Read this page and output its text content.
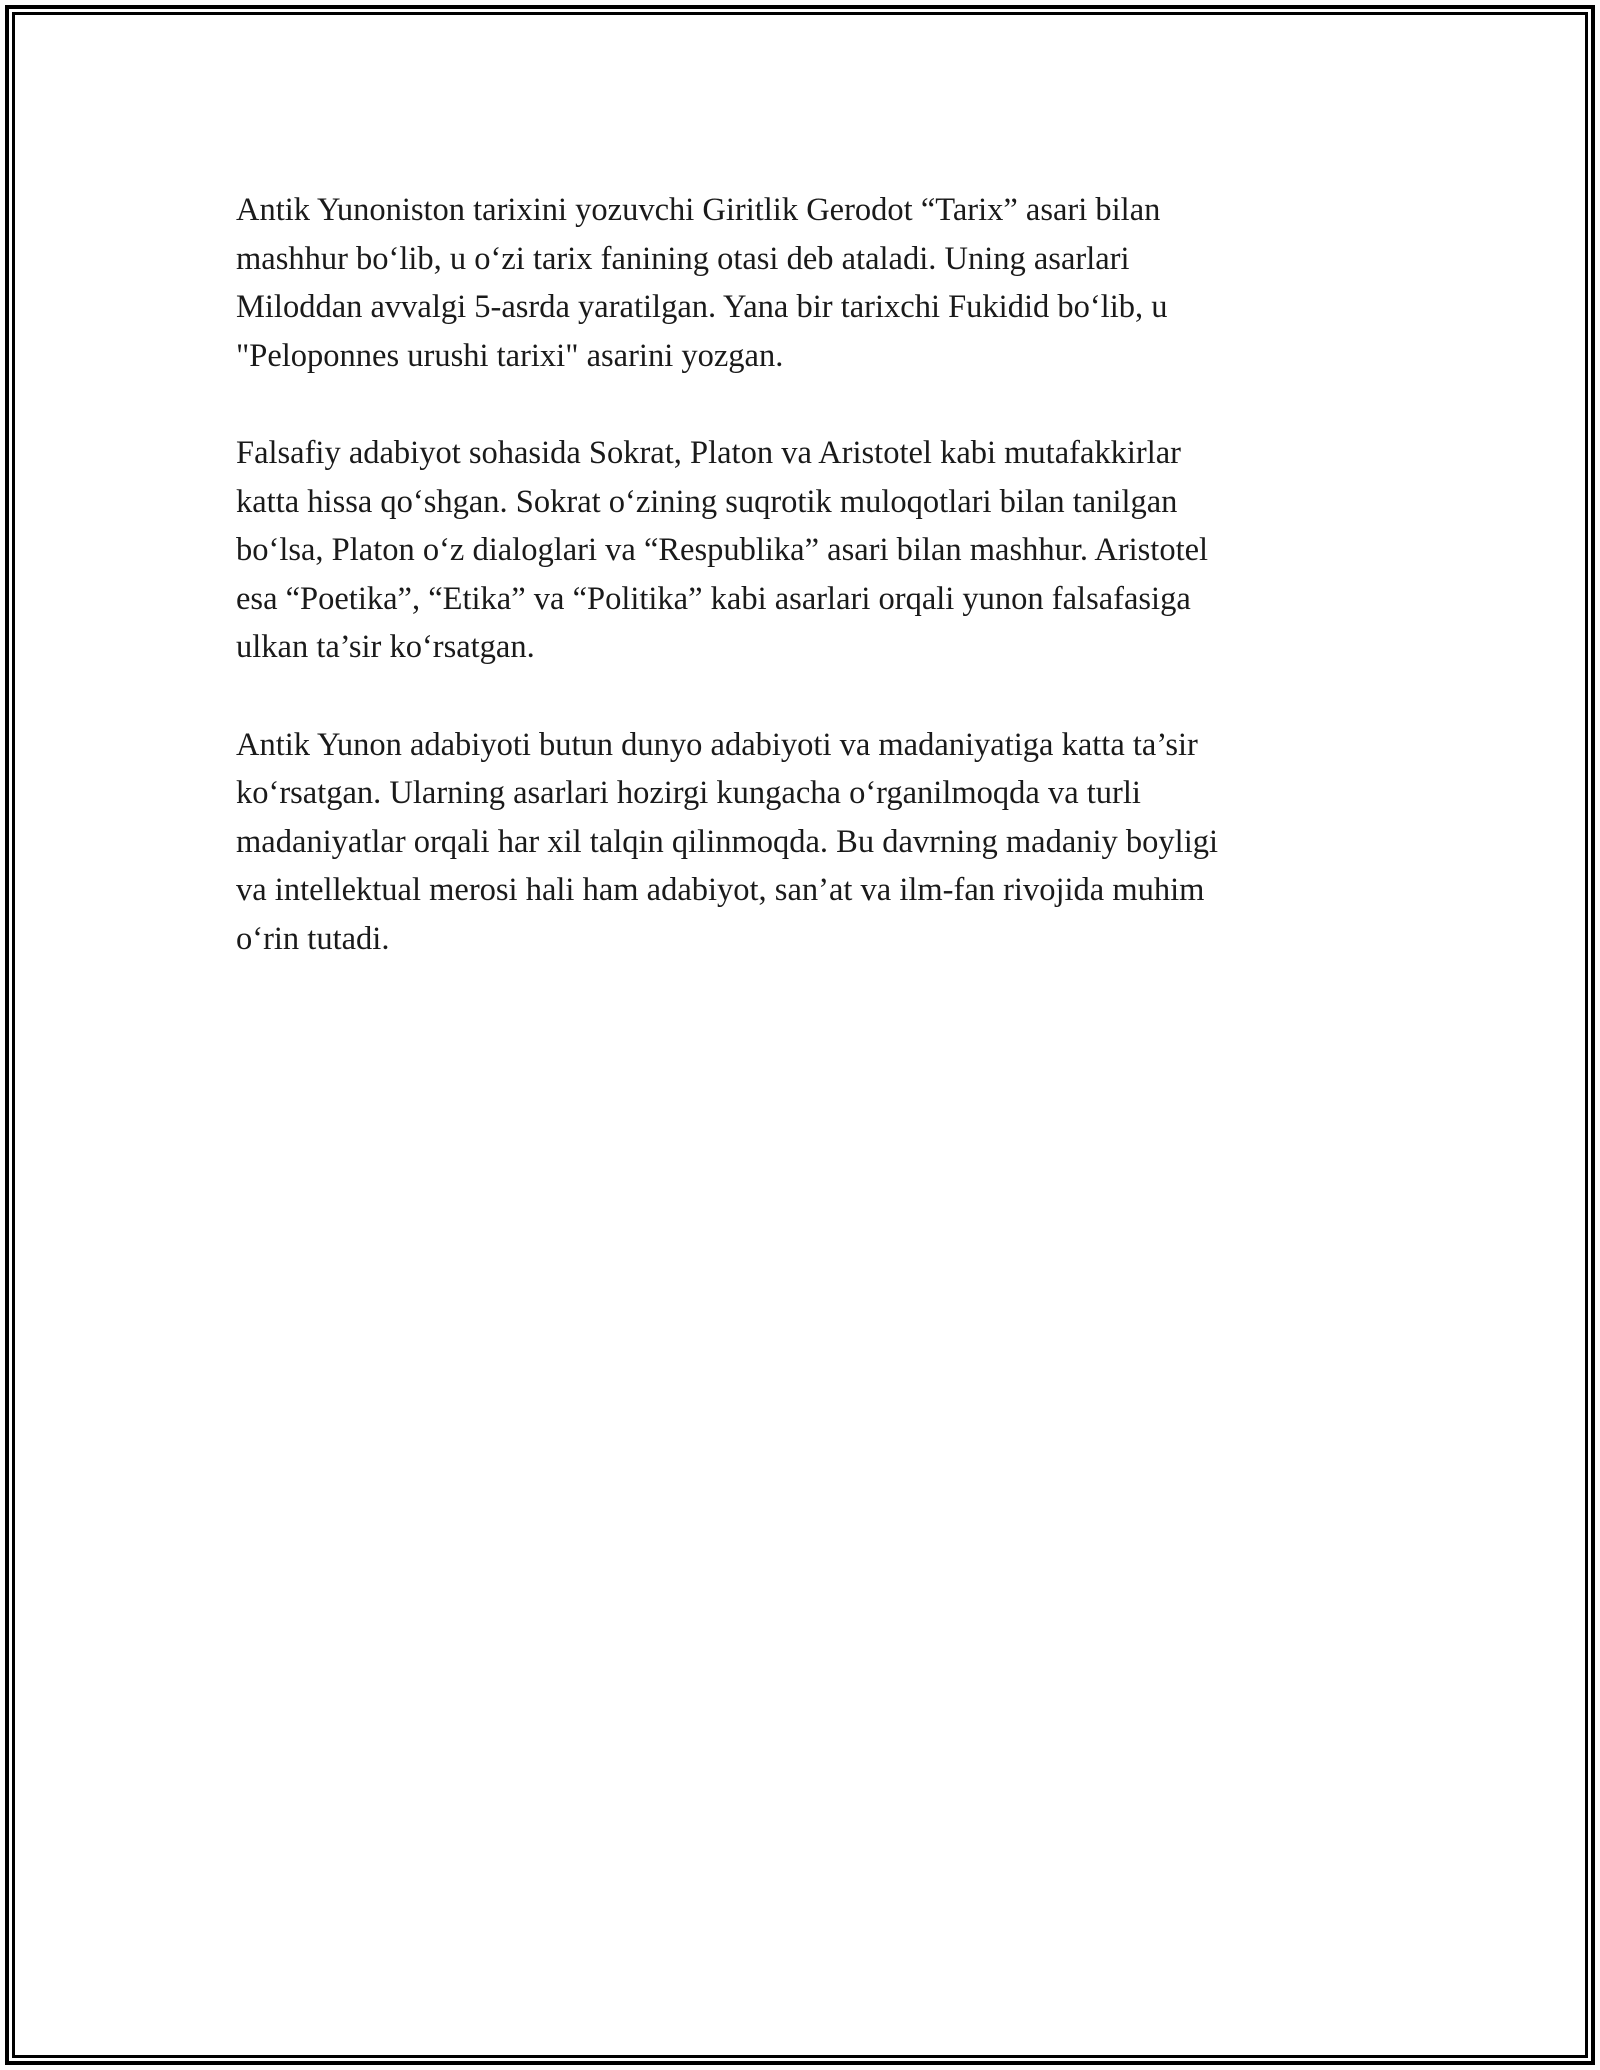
Antik Yunoniston tarixini yozuvchi Giritlik Gerodot “Tarix” asari bilan
mashhur bo‘lib, u o‘zi tarix fanining otasi deb ataladi. Uning asarlari
Miloddan avvalgi 5-asrda yaratilgan. Yana bir tarixchi Fukidid bo‘lib, u
"Peloponnes urushi tarixi" asarini yozgan.

Falsafiy adabiyot sohasida Sokrat, Platon va Aristotel kabi mutafakkirlar
katta hissa qo‘shgan. Sokrat o‘zining suqrotik muloqotlari bilan tanilgan
bo‘lsa, Platon o‘z dialoglari va “Respublika” asari bilan mashhur. Aristotel
esa “Poetika”, “Etika” va “Politika” kabi asarlari orqali yunon falsafasiga
ulkan ta’sir ko‘rsatgan.

Antik Yunon adabiyoti butun dunyo adabiyoti va madaniyatiga katta ta’sir
ko‘rsatgan. Ularning asarlari hozirgi kungacha o‘rganilmoqda va turli
madaniyatlar orqali har xil talqin qilinmoqda. Bu davrning madaniy boyligi
va intellektual merosi hali ham adabiyot, san’at va ilm-fan rivojida muhim
o‘rin tutadi.
